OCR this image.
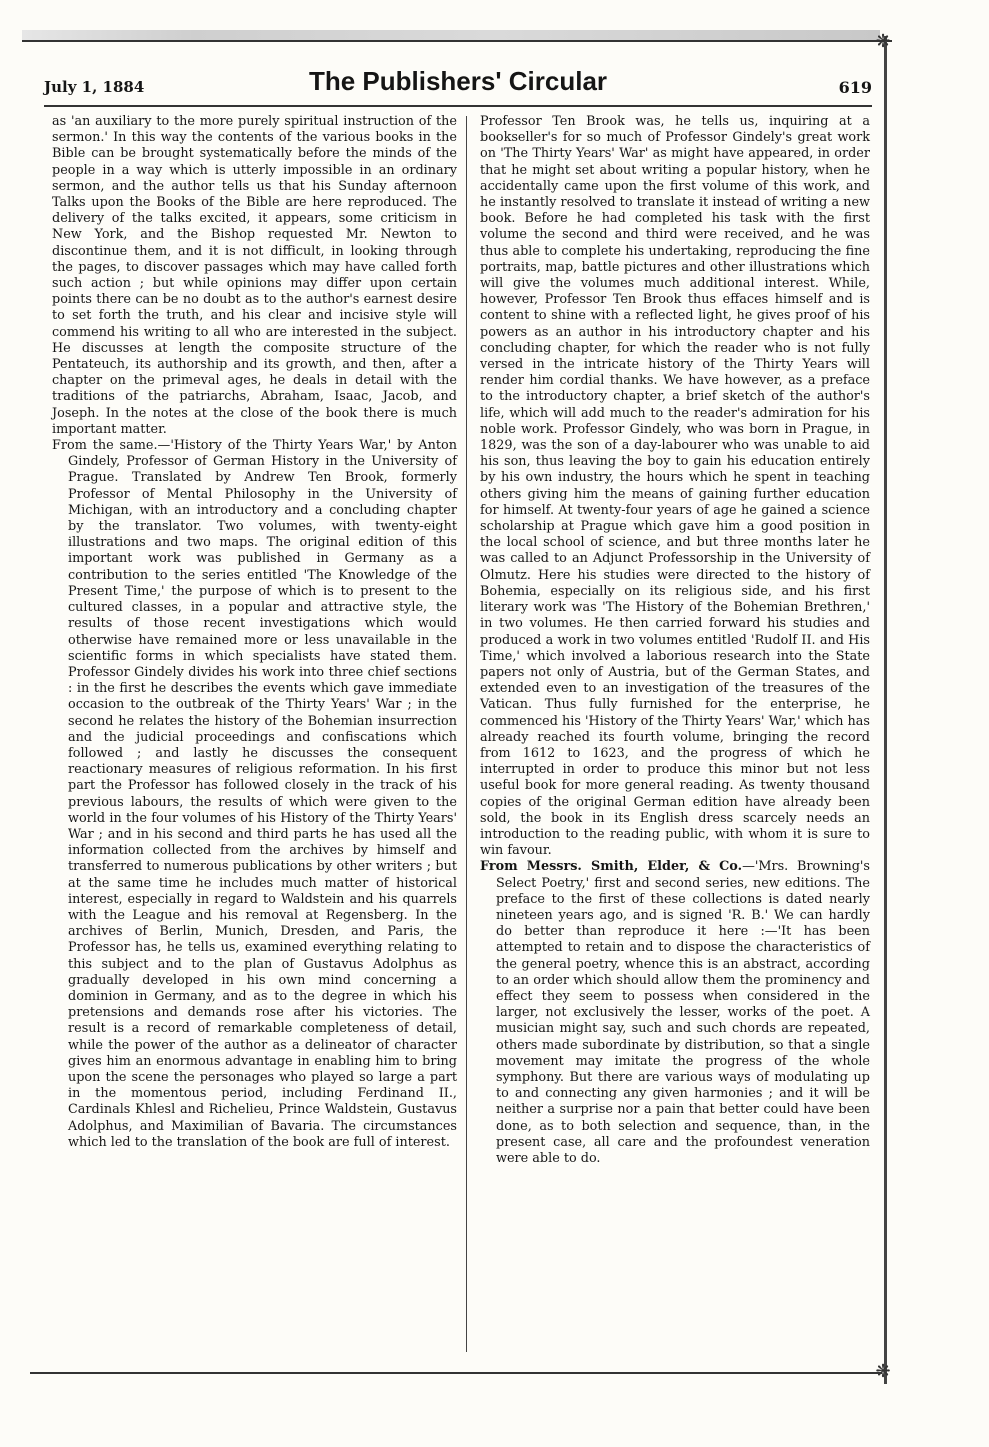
❋
❋
July 1, 1884	The Publishers' Circular	619

as 'an auxiliary to the more purely spiritual instruction of the sermon.' In this way the contents of the various books in the Bible can be brought systematically before the minds of the people in a way which is utterly impossible in an ordinary sermon, and the author tells us that his Sunday afternoon Talks upon the Books of the Bible are here reproduced. The delivery of the talks excited, it appears, some criticism in New York, and the Bishop requested Mr. Newton to discontinue them, and it is not difficult, in looking through the pages, to discover passages which may have called forth such action ; but while opinions may differ upon certain points there can be no doubt as to the author's earnest desire to set forth the truth, and his clear and incisive style will commend his writing to all who are interested in the subject. He discusses at length the composite structure of the Pentateuch, its authorship and its growth, and then, after a chapter on the primeval ages, he deals in detail with the traditions of the patriarchs, Abraham, Isaac, Jacob, and Joseph. In the notes at the close of the book there is much important matter.

From the same.—'History of the Thirty Years War,' by Anton Gindely, Professor of German History in the University of Prague. Translated by Andrew Ten Brook, formerly Professor of Mental Philosophy in the University of Michigan, with an introductory and a concluding chapter by the translator. Two volumes, with twenty-eight illustrations and two maps. The original edition of this important work was published in Germany as a contribution to the series entitled 'The Knowledge of the Present Time,' the purpose of which is to present to the cultured classes, in a popular and attractive style, the results of those recent investigations which would otherwise have remained more or less unavailable in the scientific forms in which specialists have stated them. Professor Gindely divides his work into three chief sections : in the first he describes the events which gave immediate occasion to the outbreak of the Thirty Years' War ; in the second he relates the history of the Bohemian insurrection and the judicial proceedings and confiscations which followed ; and lastly he discusses the consequent reactionary measures of religious reformation. In his first part the Professor has followed closely in the track of his previous labours, the results of which were given to the world in the four volumes of his History of the Thirty Years' War ; and in his second and third parts he has used all the information collected from the archives by himself and transferred to numerous publications by other writers ; but at the same time he includes much matter of historical interest, especially in regard to Waldstein and his quarrels with the League and his removal at Regensberg. In the archives of Berlin, Munich, Dresden, and Paris, the Professor has, he tells us, examined everything relating to this subject and to the plan of Gustavus Adolphus as gradually developed in his own mind concerning a dominion in Germany, and as to the degree in which his pretensions and demands rose after his victories. The result is a record of remarkable completeness of detail, while the power of the author as a delineator of character gives him an enormous advantage in enabling him to bring upon the scene the personages who played so large a part in the momentous period, including Ferdinand II., Cardinals Khlesl and Richelieu, Prince Waldstein, Gustavus Adolphus, and Maximilian of Bavaria. The circumstances which led to the translation of the book are full of interest.

Professor Ten Brook was, he tells us, inquiring at a bookseller's for so much of Professor Gindely's great work on 'The Thirty Years' War' as might have appeared, in order that he might set about writing a popular history, when he accidentally came upon the first volume of this work, and he instantly resolved to translate it instead of writing a new book. Before he had completed his task with the first volume the second and third were received, and he was thus able to complete his undertaking, reproducing the fine portraits, map, battle pictures and other illustrations which will give the volumes much additional interest. While, however, Professor Ten Brook thus effaces himself and is content to shine with a reflected light, he gives proof of his powers as an author in his introductory chapter and his concluding chapter, for which the reader who is not fully versed in the intricate history of the Thirty Years will render him cordial thanks. We have however, as a preface to the introductory chapter, a brief sketch of the author's life, which will add much to the reader's admiration for his noble work. Professor Gindely, who was born in Prague, in 1829, was the son of a day-labourer who was unable to aid his son, thus leaving the boy to gain his education entirely by his own industry, the hours which he spent in teaching others giving him the means of gaining further education for himself. At twenty-four years of age he gained a science scholarship at Prague which gave him a good position in the local school of science, and but three months later he was called to an Adjunct Professorship in the University of Olmutz. Here his studies were directed to the history of Bohemia, especially on its religious side, and his first literary work was 'The History of the Bohemian Brethren,' in two volumes. He then carried forward his studies and produced a work in two volumes entitled 'Rudolf II. and His Time,' which involved a laborious research into the State papers not only of Austria, but of the German States, and extended even to an investigation of the treasures of the Vatican. Thus fully furnished for the enterprise, he commenced his 'History of the Thirty Years' War,' which has already reached its fourth volume, bringing the record from 1612 to 1623, and the progress of which he interrupted in order to produce this minor but not less useful book for more general reading. As twenty thousand copies of the original German edition have already been sold, the book in its English dress scarcely needs an introduction to the reading public, with whom it is sure to win favour.

From Messrs. Smith, Elder, & Co.—'Mrs. Browning's Select Poetry,' first and second series, new editions. The preface to the first of these collections is dated nearly nineteen years ago, and is signed 'R. B.' We can hardly do better than reproduce it here :—'It has been attempted to retain and to dispose the characteristics of the general poetry, whence this is an abstract, according to an order which should allow them the prominency and effect they seem to possess when considered in the larger, not exclusively the lesser, works of the poet. A musician might say, such and such chords are repeated, others made subordinate by distribution, so that a single movement may imitate the progress of the whole symphony. But there are various ways of modulating up to and connecting any given harmonies ; and it will be neither a surprise nor a pain that better could have been done, as to both selection and sequence, than, in the present case, all care and the profoundest veneration were able to do.
